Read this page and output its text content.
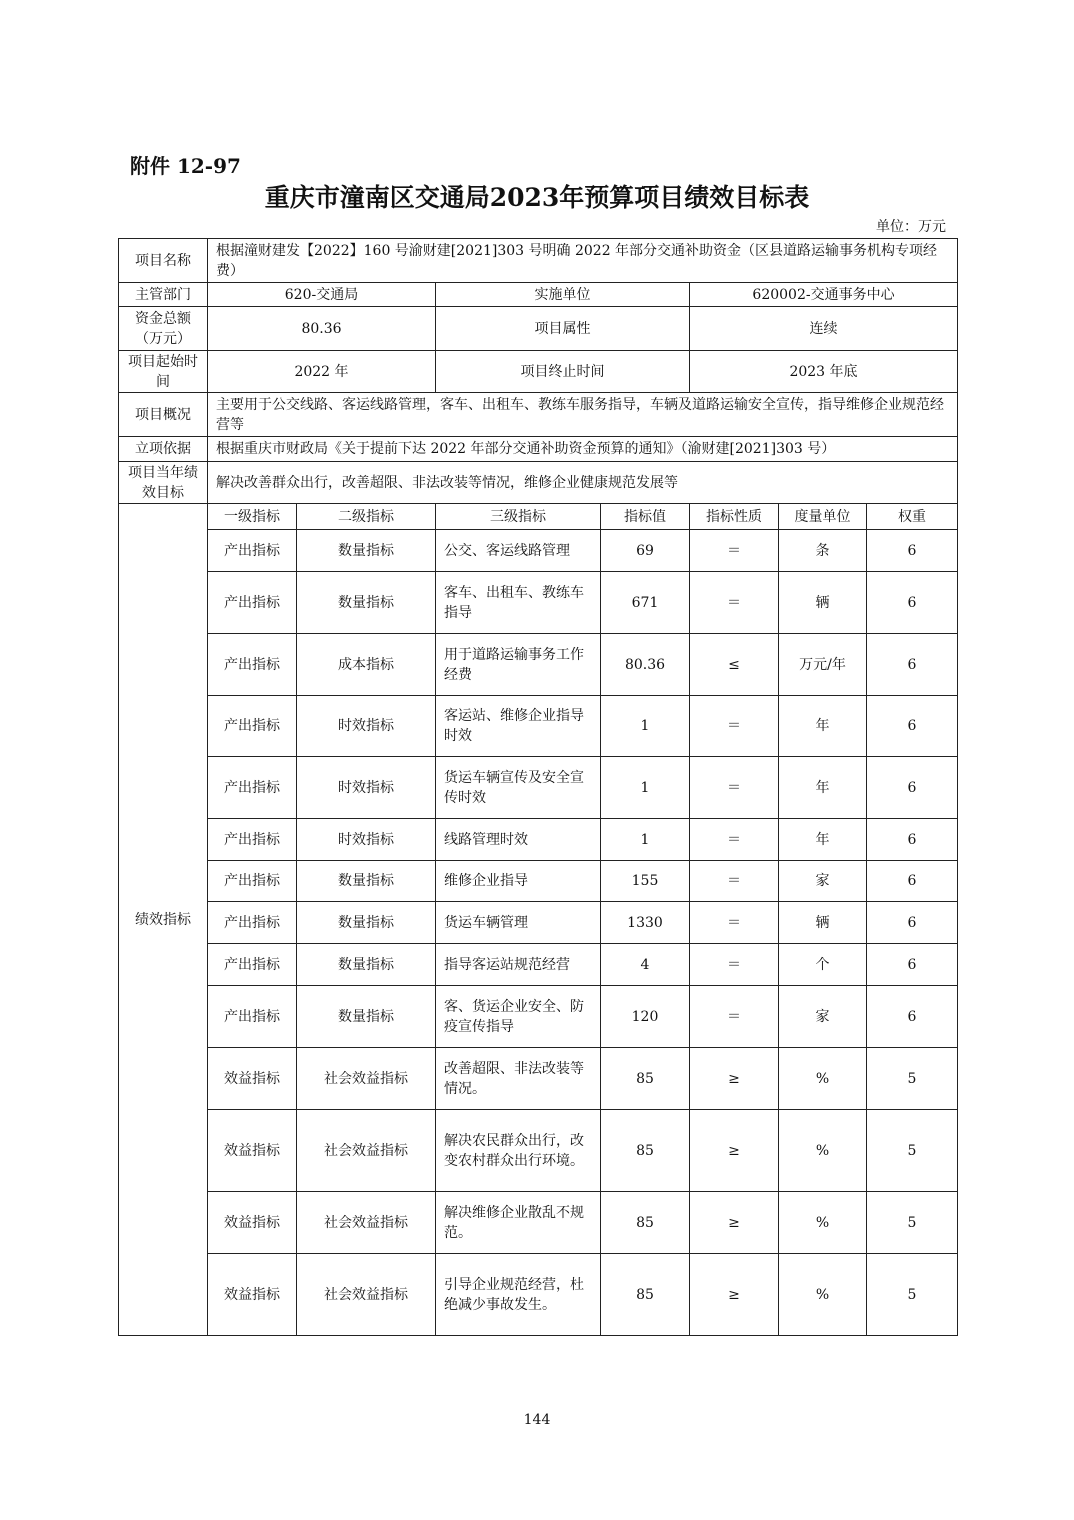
附件 12-97
重庆市潼南区交通局2023年预算项目绩效目标表
单位：万元
项目名称	根据潼财建发【2022】160 号渝财建[2021]303 号明确 2022 年部分交通补助资金（区县道路运输事务机构专项经费）						
主管部门	620-交通局		实施单位		620002-交通事务中心		
资金总额（万元）	80.36		项目属性		连续		
项目起始时间	2022 年		项目终止时间		2023 年底		
项目概况	主要用于公交线路、客运线路管理，客车、出租车、教练车服务指导，车辆及道路运输安全宣传，指导维修企业规范经营等						
立项依据	根据重庆市财政局《关于提前下达 2022 年部分交通补助资金预算的通知》（渝财建[2021]303 号）						
项目当年绩效目标	解决改善群众出行，改善超限、非法改装等情况，维修企业健康规范发展等						
绩效指标	一级指标	二级指标	三级指标	指标值	指标性质	度量单位	权重
	产出指标	数量指标	公交、客运线路管理	69	＝	条	6
	产出指标	数量指标	客车、出租车、教练车指导	671	＝	辆	6
	产出指标	成本指标	用于道路运输事务工作经费	80.36	≤	万元/年	6
	产出指标	时效指标	客运站、维修企业指导时效	1	＝	年	6
	产出指标	时效指标	货运车辆宣传及安全宣传时效	1	＝	年	6
	产出指标	时效指标	线路管理时效	1	＝	年	6
	产出指标	数量指标	维修企业指导	155	＝	家	6
	产出指标	数量指标	货运车辆管理	1330	＝	辆	6
	产出指标	数量指标	指导客运站规范经营	4	＝	个	6
	产出指标	数量指标	客、货运企业安全、防疫宣传指导	120	＝	家	6
	效益指标	社会效益指标	改善超限、非法改装等情况。	85	≥	%	5
	效益指标	社会效益指标	解决农民群众出行，改变农村群众出行环境。	85	≥	%	5
	效益指标	社会效益指标	解决维修企业散乱不规范。	85	≥	%	5
	效益指标	社会效益指标	引导企业规范经营，杜绝减少事故发生。	85	≥	%	5
144
